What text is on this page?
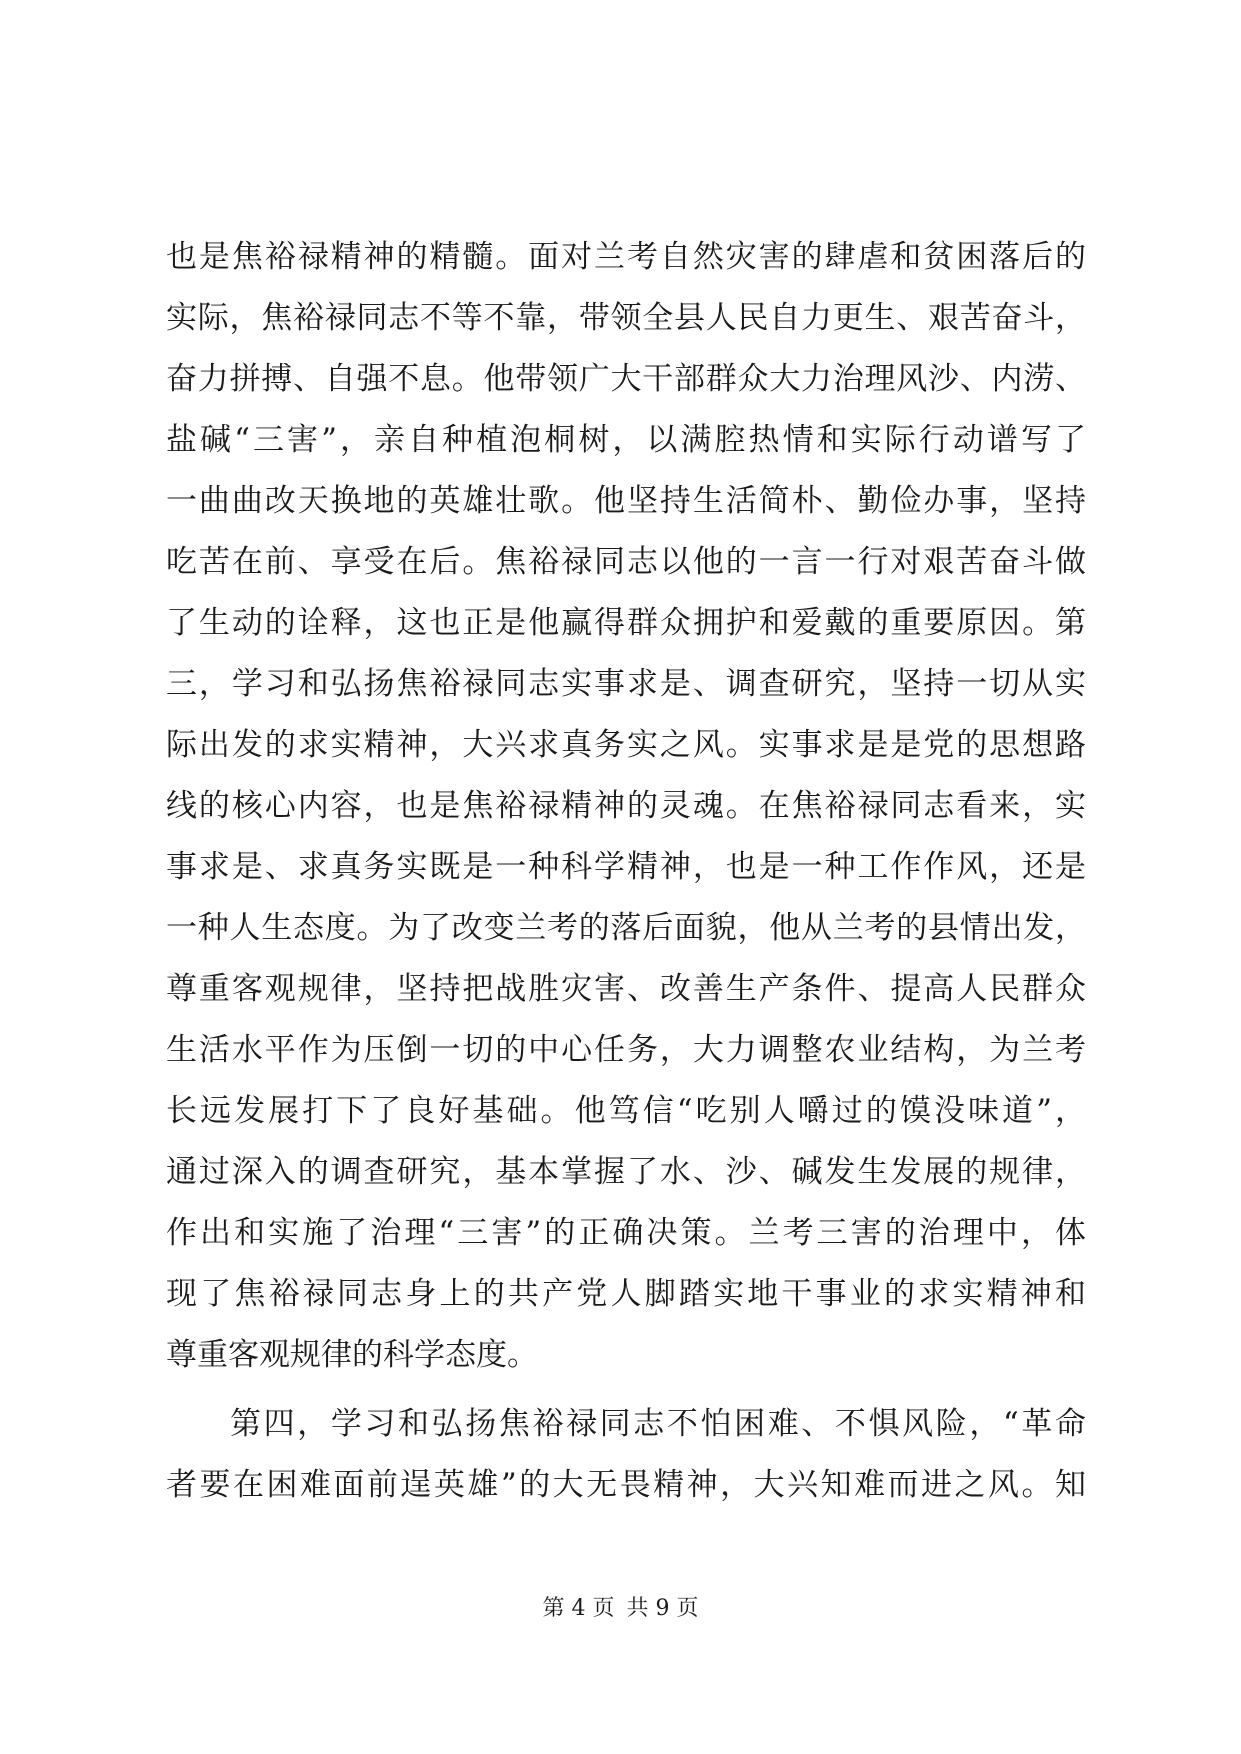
也是焦裕禄精神的精髓。面对兰考自然灾害的肆虐和贫困落后的
实际，焦裕禄同志不等不靠，带领全县人民自力更生、艰苦奋斗，
奋力拼搏、自强不息。他带领广大干部群众大力治理风沙、内涝、
盐碱“三害”，亲自种植泡桐树，以满腔热情和实际行动谱写了
一曲曲改天换地的英雄壮歌。他坚持生活简朴、勤俭办事，坚持
吃苦在前、享受在后。焦裕禄同志以他的一言一行对艰苦奋斗做
了生动的诠释，这也正是他赢得群众拥护和爱戴的重要原因。第
三，学习和弘扬焦裕禄同志实事求是、调查研究，坚持一切从实
际出发的求实精神，大兴求真务实之风。实事求是是党的思想路
线的核心内容，也是焦裕禄精神的灵魂。在焦裕禄同志看来，实
事求是、求真务实既是一种科学精神，也是一种工作作风，还是
一种人生态度。为了改变兰考的落后面貌，他从兰考的县情出发，
尊重客观规律，坚持把战胜灾害、改善生产条件、提高人民群众
生活水平作为压倒一切的中心任务，大力调整农业结构，为兰考
长远发展打下了良好基础。他笃信“吃别人嚼过的馍没味道”，
通过深入的调查研究，基本掌握了水、沙、碱发生发展的规律，
作出和实施了治理“三害”的正确决策。兰考三害的治理中，体
现了焦裕禄同志身上的共产党人脚踏实地干事业的求实精神和
尊重客观规律的科学态度。
第四，学习和弘扬焦裕禄同志不怕困难、不惧风险，“革命
者要在困难面前逞英雄”的大无畏精神，大兴知难而进之风。知
第 4 页 共 9 页
